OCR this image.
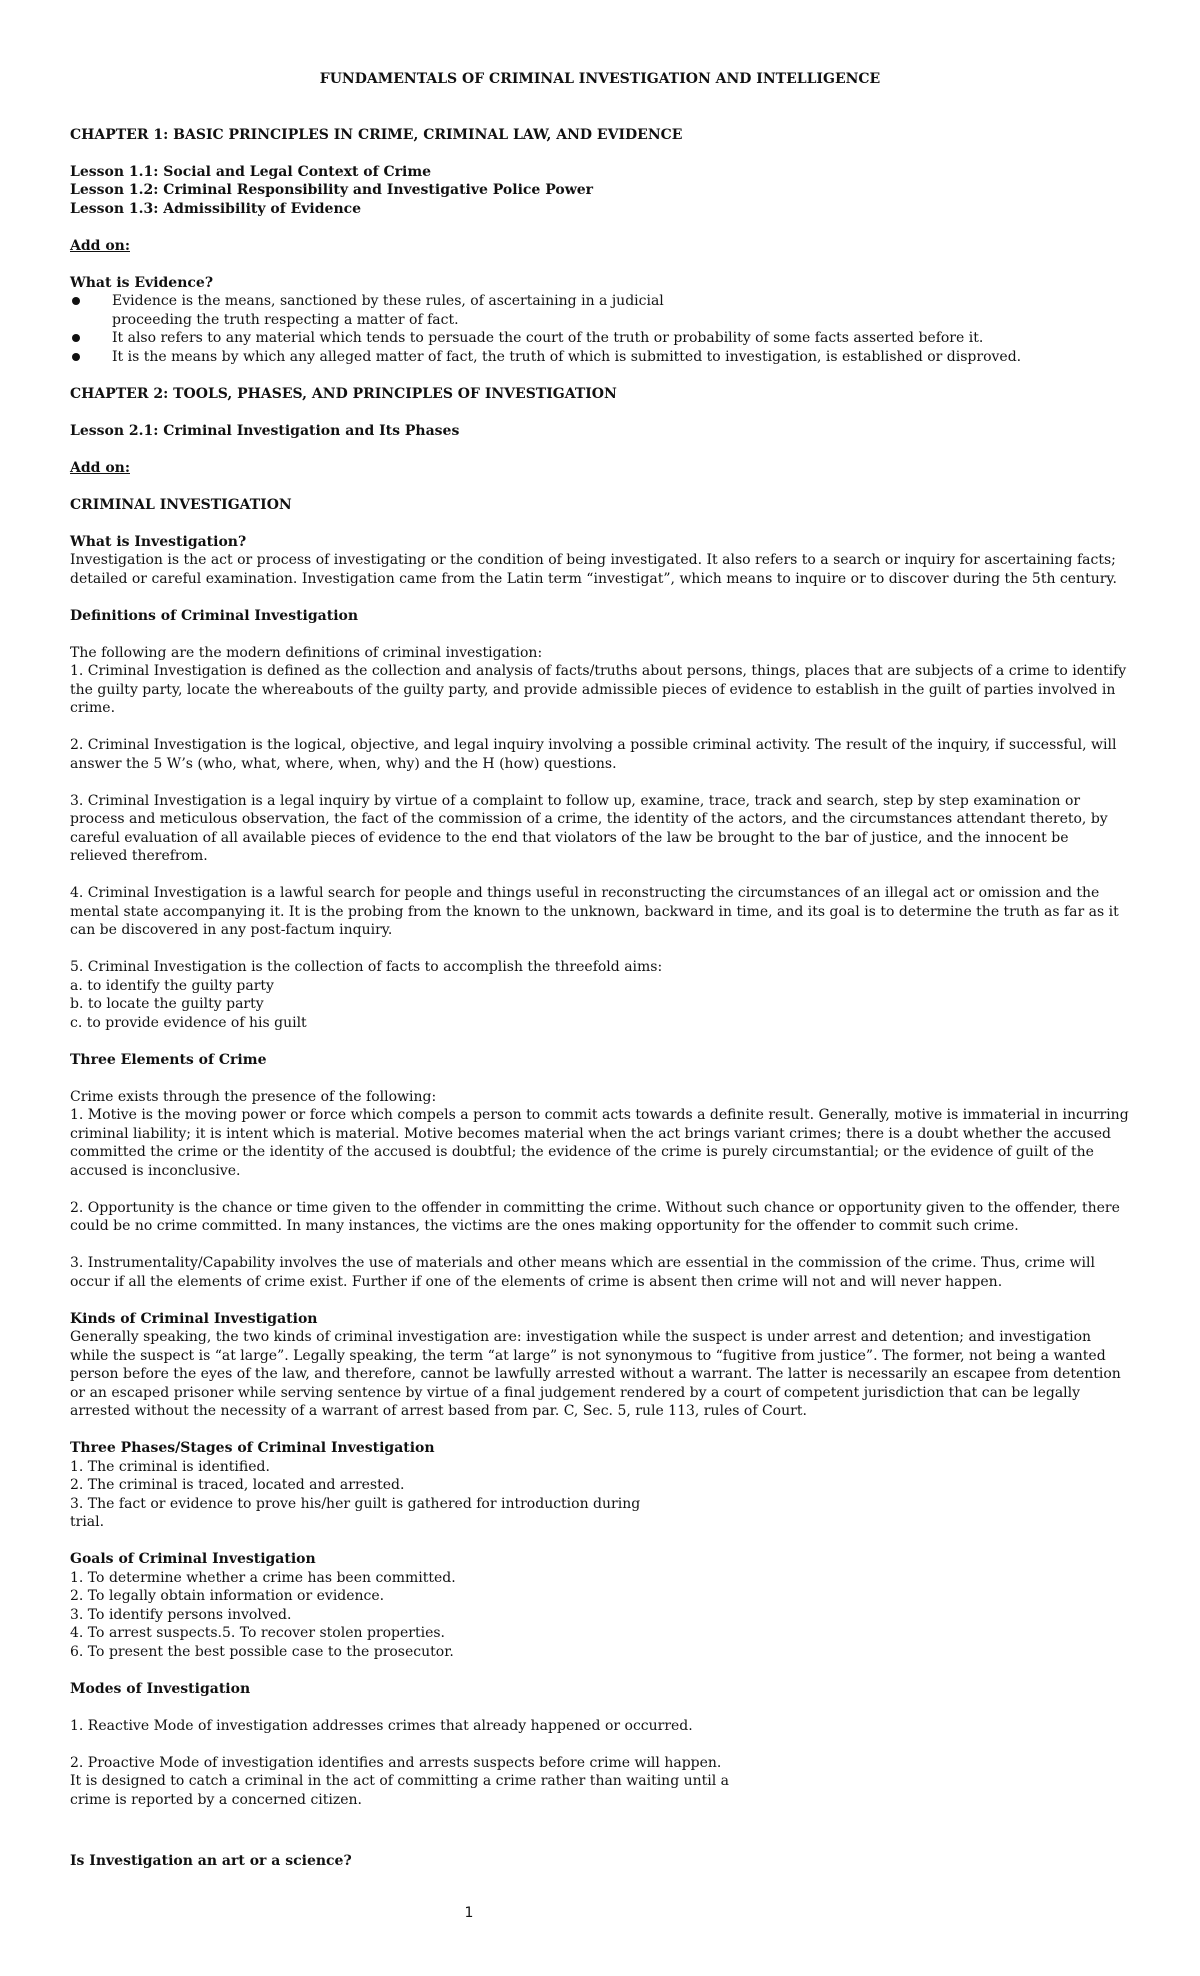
FUNDAMENTALS OF CRIMINAL INVESTIGATION AND INTELLIGENCE
CHAPTER 1: BASIC PRINCIPLES IN CRIME, CRIMINAL LAW, AND EVIDENCE
Lesson 1.1: Social and Legal Context of Crime
Lesson 1.2: Criminal Responsibility and Investigative Police Power
Lesson 1.3: Admissibility of Evidence
Add on:
What is Evidence?
Evidence is the means, sanctioned by these rules, of ascertaining in a judicial
proceeding the truth respecting a matter of fact.
It also refers to any material which tends to persuade the court of the truth or probability of some facts asserted before it.
It is the means by which any alleged matter of fact, the truth of which is submitted to investigation, is established or disproved.
CHAPTER 2: TOOLS, PHASES, AND PRINCIPLES OF INVESTIGATION
Lesson 2.1: Criminal Investigation and Its Phases
Add on:
CRIMINAL INVESTIGATION
What is Investigation?

Investigation is the act or process of investigating or the condition of being investigated. It also refers to a search or inquiry for ascertaining facts; detailed or careful examination. Investigation came from the Latin term “investigat”, which means to inquire or to discover during the 5th century.

Definitions of Criminal Investigation

The following are the modern definitions of criminal investigation:

1. Criminal Investigation is defined as the collection and analysis of facts/truths about persons, things, places that are subjects of a crime to identify the guilty party, locate the whereabouts of the guilty party, and provide admissible pieces of evidence to establish in the guilt of parties involved in crime.

2. Criminal Investigation is the logical, objective, and legal inquiry involving a possible criminal activity. The result of the inquiry, if successful, will answer the 5 W’s (who, what, where, when, why) and the H (how) questions.

3. Criminal Investigation is a legal inquiry by virtue of a complaint to follow up, examine, trace, track and search, step by step examination or process and meticulous observation, the fact of the commission of a crime, the identity of the actors, and the circumstances attendant thereto, by careful evaluation of all available pieces of evidence to the end that violators of the law be brought to the bar of justice, and the innocent be relieved therefrom.

4. Criminal Investigation is a lawful search for people and things useful in reconstructing the circumstances of an illegal act or omission and the mental state accompanying it. It is the probing from the known to the unknown, backward in time, and its goal is to determine the truth as far as it can be discovered in any post-factum inquiry.

5. Criminal Investigation is the collection of facts to accomplish the threefold aims:

a. to identify the guilty party

b. to locate the guilty party

c. to provide evidence of his guilt

Three Elements of Crime

Crime exists through the presence of the following:

1. Motive is the moving power or force which compels a person to commit acts towards a definite result. Generally, motive is immaterial in incurring criminal liability; it is intent which is material. Motive becomes material when the act brings variant crimes; there is a doubt whether the accused committed the crime or the identity of the accused is doubtful; the evidence of the crime is purely circumstantial; or the evidence of guilt of the accused is inconclusive.

2. Opportunity is the chance or time given to the offender in committing the crime. Without such chance or opportunity given to the offender, there could be no crime committed. In many instances, the victims are the ones making opportunity for the offender to commit such crime.

3. Instrumentality/Capability involves the use of materials and other means which are essential in the commission of the crime. Thus, crime will occur if all the elements of crime exist. Further if one of the elements of crime is absent then crime will not and will never happen.

Kinds of Criminal Investigation

Generally speaking, the two kinds of criminal investigation are: investigation while the suspect is under arrest and detention; and investigation while the suspect is “at large”. Legally speaking, the term “at large” is not synonymous to “fugitive from justice”. The former, not being a wanted person before the eyes of the law, and therefore, cannot be lawfully arrested without a warrant. The latter is necessarily an escapee from detention or an escaped prisoner while serving sentence by virtue of a final judgement rendered by a court of competent jurisdiction that can be legally arrested without the necessity of a warrant of arrest based from par. C, Sec. 5, rule 113, rules of Court.

Three Phases/Stages of Criminal Investigation

1. The criminal is identified.

2. The criminal is traced, located and arrested.

3. The fact or evidence to prove his/her guilt is gathered for introduction during

trial.

Goals of Criminal Investigation

1. To determine whether a crime has been committed.

2. To legally obtain information or evidence.

3. To identify persons involved.

4. To arrest suspects.5. To recover stolen properties.

6. To present the best possible case to the prosecutor.

Modes of Investigation

1. Reactive Mode of investigation addresses crimes that already happened or occurred.

2. Proactive Mode of investigation identifies and arrests suspects before crime will happen.

It is designed to catch a criminal in the act of committing a crime rather than waiting until a

crime is reported by a concerned citizen.

Is Investigation an art or a science?
1
